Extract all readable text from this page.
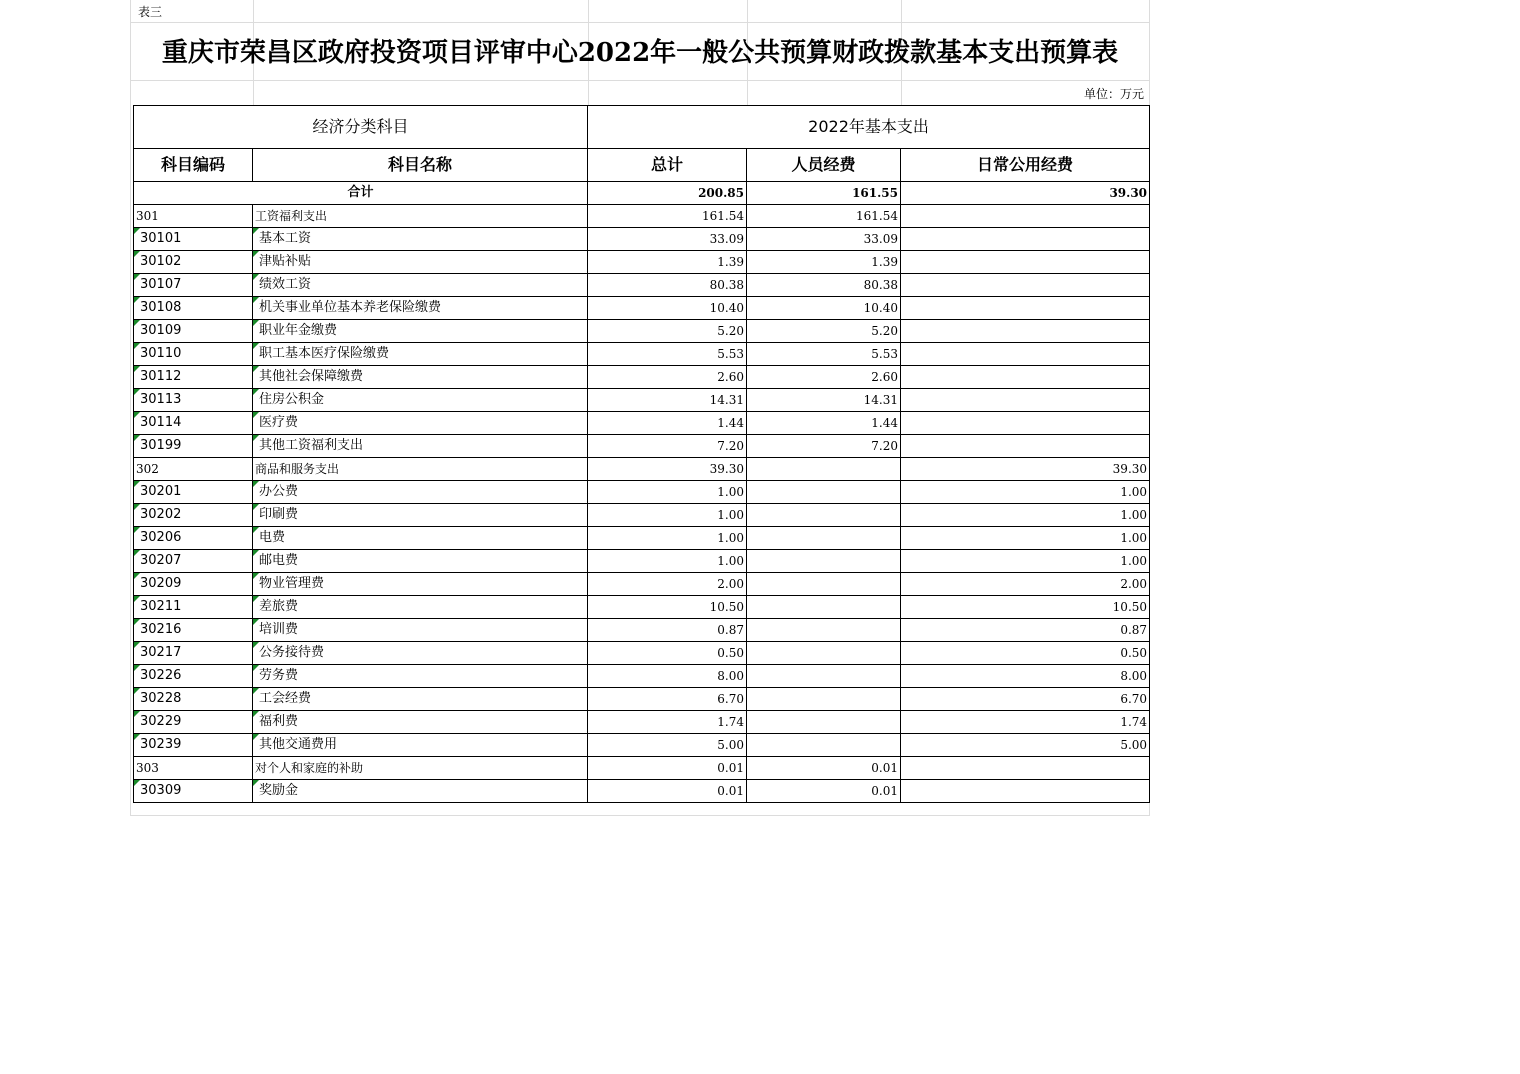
表三
重庆市荣昌区政府投资项目评审中心2022年一般公共预算财政拨款基本支出预算表
单位：万元
经济分类科目		2022年基本支出		
科目编码	科目名称	总计	人员经费	日常公用经费
合计		200.85	161.55	39.30
301	工资福利支出	161.54	161.54	

30101	基本工资	33.09	33.09	

30102	津贴补贴	1.39	1.39	

30107	绩效工资	80.38	80.38	

30108	机关事业单位基本养老保险缴费	10.40	10.40	

30109	职业年金缴费	5.20	5.20	

30110	职工基本医疗保险缴费	5.53	5.53	

30112	其他社会保障缴费	2.60	2.60	

30113	住房公积金	14.31	14.31	

30114	医疗费	1.44	1.44	

30199	其他工资福利支出	7.20	7.20	
302	商品和服务支出	39.30		39.30

30201	办公费	1.00		1.00

30202	印刷费	1.00		1.00

30206	电费	1.00		1.00

30207	邮电费	1.00		1.00

30209	物业管理费	2.00		2.00

30211	差旅费	10.50		10.50

30216	培训费	0.87		0.87

30217	公务接待费	0.50		0.50

30226	劳务费	8.00		8.00

30228	工会经费	6.70		6.70

30229	福利费	1.74		1.74

30239	其他交通费用	5.00		5.00
303	对个人和家庭的补助	0.01	0.01	

30309	奖励金	0.01	0.01	
